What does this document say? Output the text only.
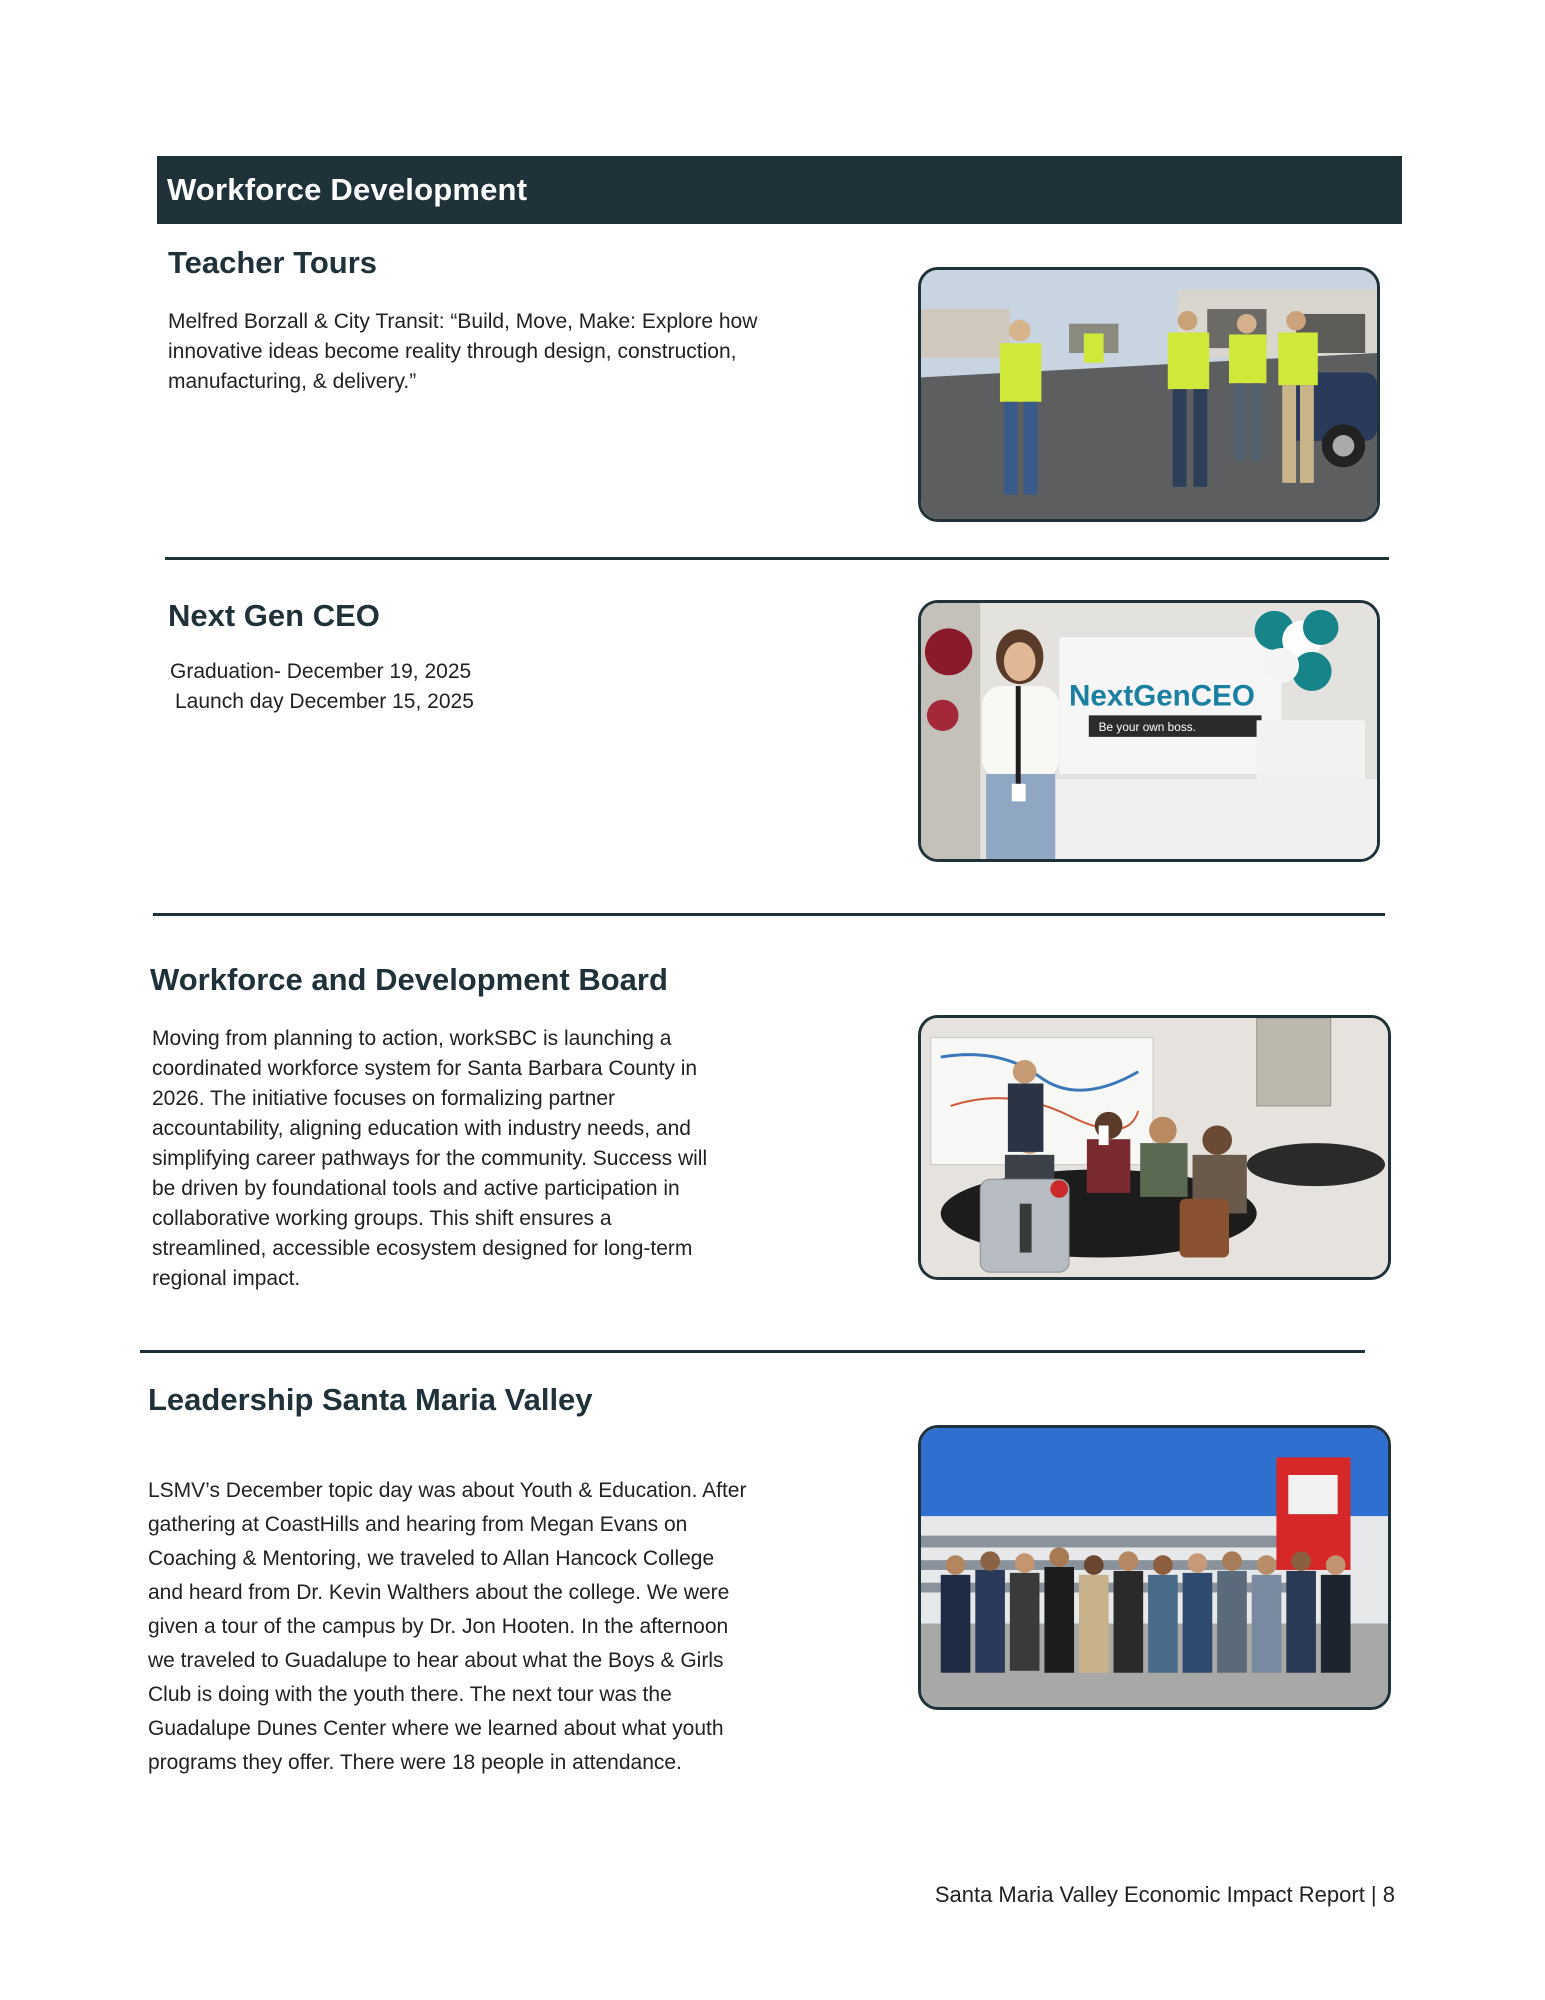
Workforce Development
Teacher Tours

Melfred Borzall & City Transit: “Build, Move, Make: Explore how innovative ideas become reality through design, construction, manufacturing, & delivery.”

Next Gen CEO
Graduation- December 19, 2025
Launch day December 15, 2025	NextGenCEO
Be your own boss.
Workforce and Development Board

Moving from planning to action, workSBC is launching a coordinated workforce system for Santa Barbara County in 2026. The initiative focuses on formalizing partner accountability, aligning education with industry needs, and simplifying career pathways for the community. Success will be driven by foundational tools and active participation in collaborative working groups. This shift ensures a streamlined, accessible ecosystem designed for long-term regional impact.

Leadership Santa Maria Valley

LSMV’s December topic day was about Youth & Education. After gathering at CoastHills and hearing from Megan Evans on Coaching & Mentoring, we traveled to Allan Hancock College and heard from Dr. Kevin Walthers about the college. We were given a tour of the campus by Dr. Jon Hooten. In the afternoon we traveled to Guadalupe to hear about what the Boys & Girls Club is doing with the youth there. The next tour was the Guadalupe Dunes Center where we learned about what youth programs they offer. There were 18 people in attendance.

Santa Maria Valley Economic Impact Report | 8
